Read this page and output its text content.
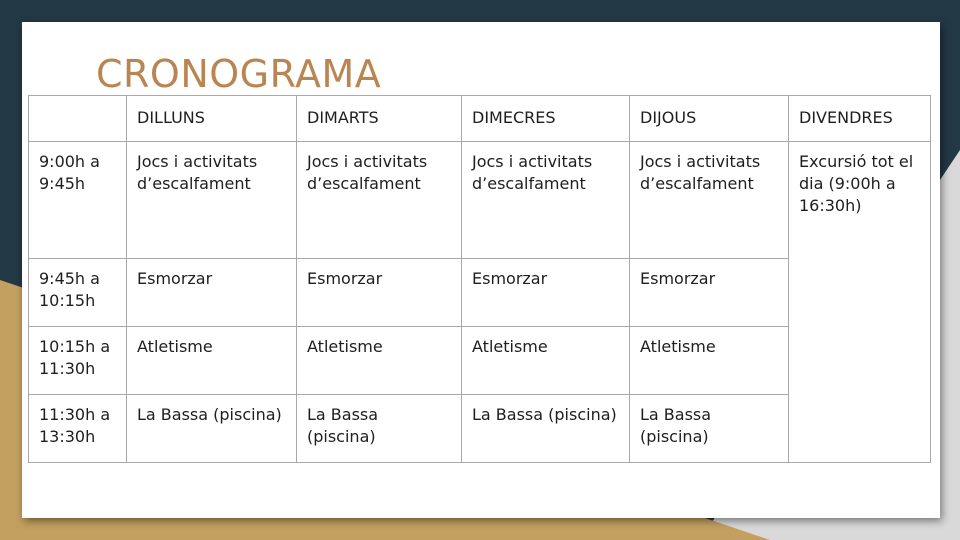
CRONOGRAMA
	DILLUNS	DIMARTS	DIMECRES	DIJOUS	DIVENDRES
9:00h a 9:45h	Jocs i activitats d’escalfament	Jocs i activitats d’escalfament	Jocs i activitats d’escalfament	Jocs i activitats d’escalfament	Excursió tot el dia (9:00h a 16:30h)
9:45h a 10:15h	Esmorzar	Esmorzar	Esmorzar	Esmorzar	
10:15h a 11:30h	Atletisme	Atletisme	Atletisme	Atletisme	
11:30h a 13:30h	La Bassa (piscina)	La Bassa (piscina)	La Bassa (piscina)	La Bassa (piscina)	
